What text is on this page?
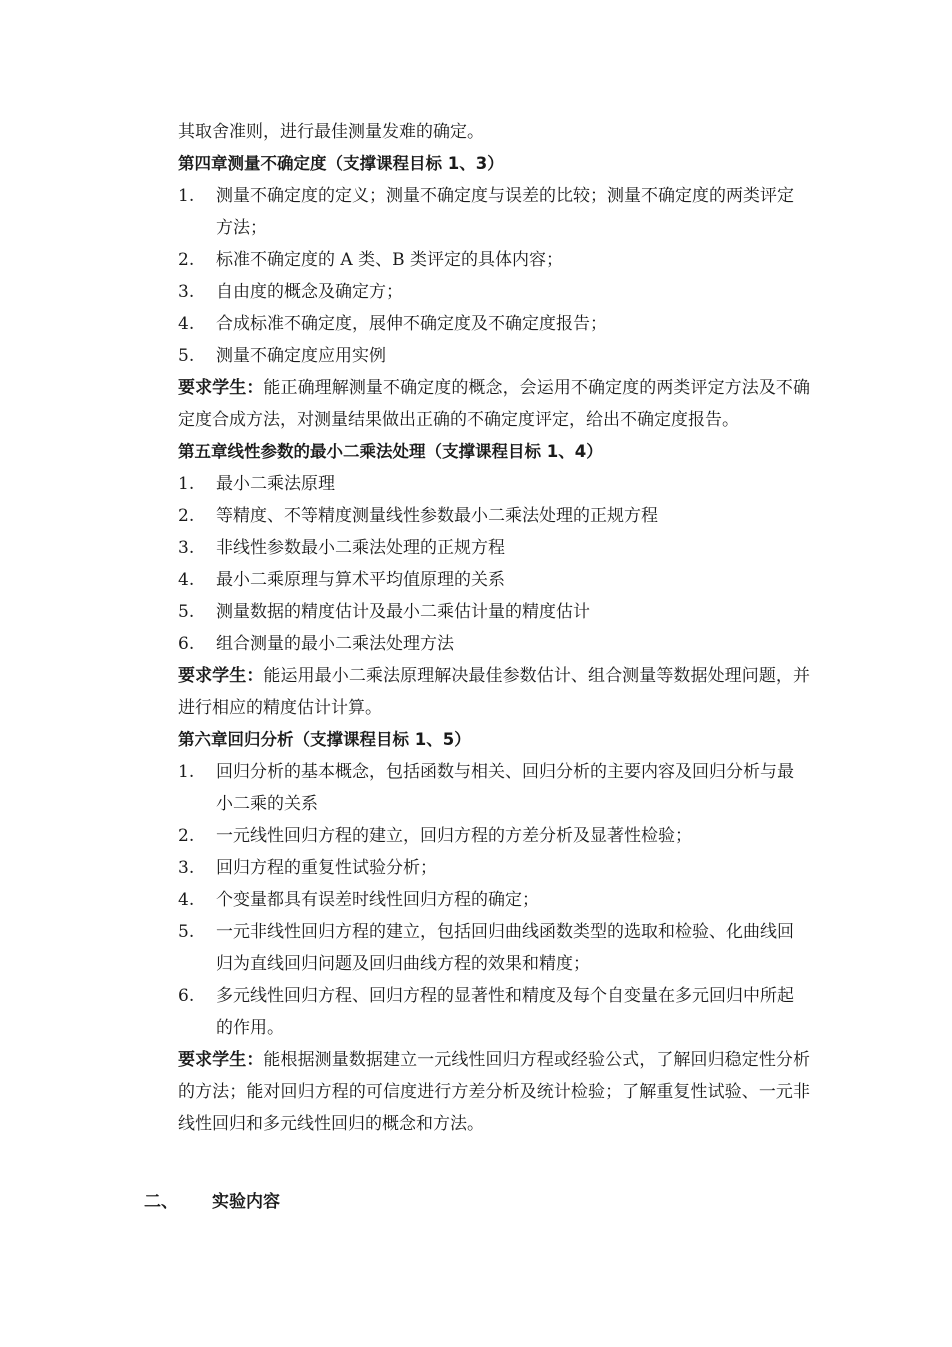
其取舍准则，进行最佳测量发难的确定。

第四章测量不确定度（支撑课程目标 1、3）

1.	测量不确定度的定义；测量不确定度与误差的比较；测量不确定度的两类评定方法；
2.	标准不确定度的 A 类、B 类评定的具体内容；
3.	自由度的概念及确定方；
4.	合成标准不确定度，展伸不确定度及不确定度报告；
5.	测量不确定度应用实例

要求学生：能正确理解测量不确定度的概念，会运用不确定度的两类评定方法及不确定度合成方法，对测量结果做出正确的不确定度评定，给出不确定度报告。

第五章线性参数的最小二乘法处理（支撑课程目标 1、4）

1.	最小二乘法原理
2.	等精度、不等精度测量线性参数最小二乘法处理的正规方程
3.	非线性参数最小二乘法处理的正规方程
4.	最小二乘原理与算术平均值原理的关系
5.	测量数据的精度估计及最小二乘估计量的精度估计
6.	组合测量的最小二乘法处理方法

要求学生：能运用最小二乘法原理解决最佳参数估计、组合测量等数据处理问题，并进行相应的精度估计计算。

第六章回归分析（支撑课程目标 1、5）

1.	回归分析的基本概念，包括函数与相关、回归分析的主要内容及回归分析与最小二乘的关系
2.	一元线性回归方程的建立，回归方程的方差分析及显著性检验；
3.	回归方程的重复性试验分析；
4.	个变量都具有误差时线性回归方程的确定；
5.	一元非线性回归方程的建立，包括回归曲线函数类型的选取和检验、化曲线回归为直线回归问题及回归曲线方程的效果和精度；
6.	多元线性回归方程、回归方程的显著性和精度及每个自变量在多元回归中所起的作用。

要求学生：能根据测量数据建立一元线性回归方程或经验公式，了解回归稳定性分析的方法；能对回归方程的可信度进行方差分析及统计检验；了解重复性试验、一元非线性回归和多元线性回归的概念和方法。

二、	实验内容
